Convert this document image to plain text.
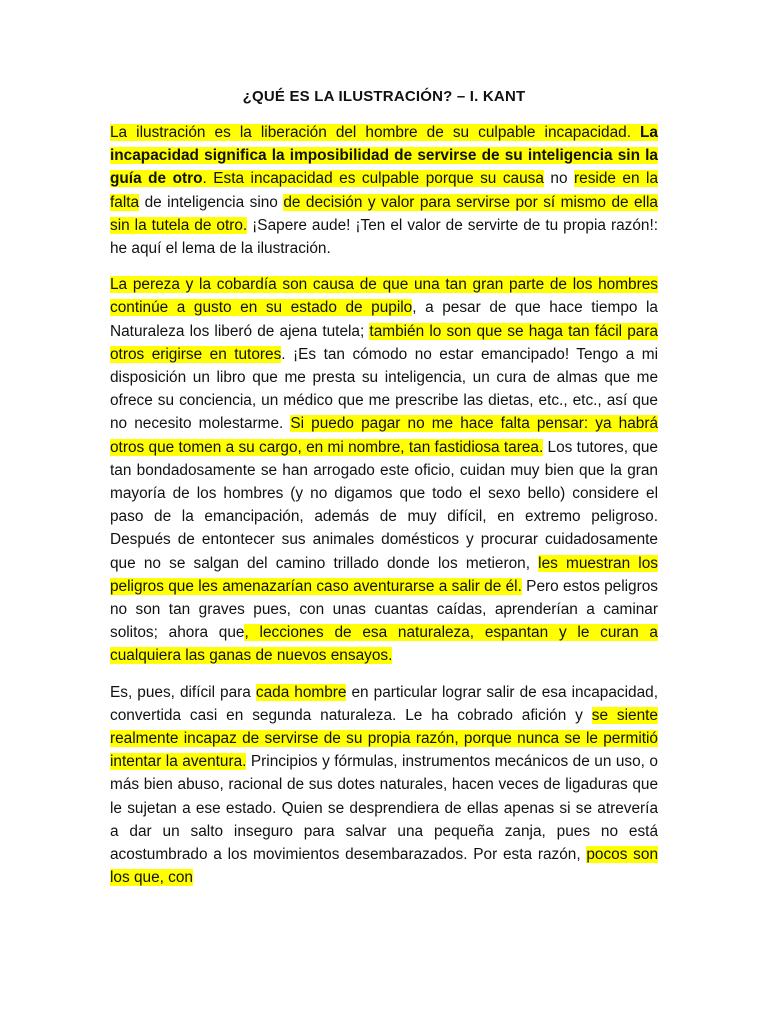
¿QUÉ ES LA ILUSTRACIÓN? – I. KANT

La ilustración es la liberación del hombre de su culpable incapacidad. La incapacidad significa la imposibilidad de servirse de su inteligencia sin la guía de otro. Esta incapacidad es culpable porque su causa no reside en la falta de inteligencia sino de decisión y valor para servirse por sí mismo de ella sin la tutela de otro. ¡Sapere aude! ¡Ten el valor de servirte de tu propia razón!: he aquí el lema de la ilustración.

La pereza y la cobardía son causa de que una tan gran parte de los hombres continúe a gusto en su estado de pupilo, a pesar de que hace tiempo la Naturaleza los liberó de ajena tutela; también lo son que se haga tan fácil para otros erigirse en tutores. ¡Es tan cómodo no estar emancipado! Tengo a mi disposición un libro que me presta su inteligencia, un cura de almas que me ofrece su conciencia, un médico que me prescribe las dietas, etc., etc., así que no necesito molestarme. Si puedo pagar no me hace falta pensar: ya habrá otros que tomen a su cargo, en mi nombre, tan fastidiosa tarea. Los tutores, que tan bondadosamente se han arrogado este oficio, cuidan muy bien que la gran mayoría de los hombres (y no digamos que todo el sexo bello) considere el paso de la emancipación, además de muy difícil, en extremo peligroso. Después de entontecer sus animales domésticos y procurar cuidadosamente que no se salgan del camino trillado donde los metieron, les muestran los peligros que les amenazarían caso aventurarse a salir de él. Pero estos peligros no son tan graves pues, con unas cuantas caídas, aprenderían a caminar solitos; ahora que, lecciones de esa naturaleza, espantan y le curan a cualquiera las ganas de nuevos ensayos.

Es, pues, difícil para cada hombre en particular lograr salir de esa incapacidad, convertida casi en segunda naturaleza. Le ha cobrado afición y se siente realmente incapaz de servirse de su propia razón, porque nunca se le permitió intentar la aventura. Principios y fórmulas, instrumentos mecánicos de un uso, o más bien abuso, racional de sus dotes naturales, hacen veces de ligaduras que le sujetan a ese estado. Quien se desprendiera de ellas apenas si se atrevería a dar un salto inseguro para salvar una pequeña zanja, pues no está acostumbrado a los movimientos desembarazados. Por esta razón, pocos son los que, con
